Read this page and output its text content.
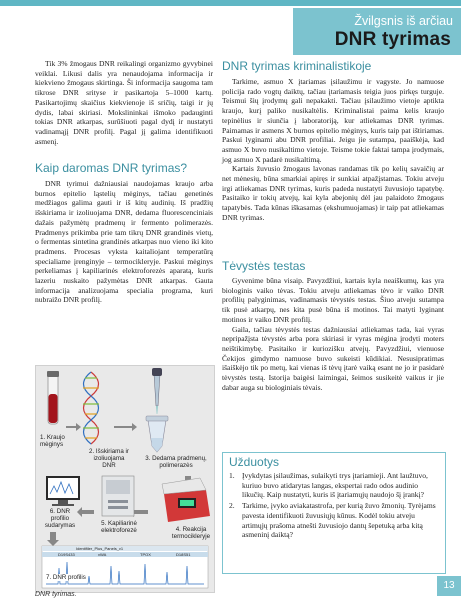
Žvilgsnis iš arčiau
DNR tyrimas

Tik 3% žmogaus DNR reikalingi organizmo gyvybinei veiklai. Likusi dalis yra nenaudojama informacija ir kiekvieno žmogaus skirtinga. Ši informacija saugoma tam tikrose DNR srityse ir pasikartoja 5–1000 kartų. Pasikartojimų skaičius kiekvienoje iš sričių, taigi ir jų dydis, labai skiriasi. Mokslininkai išmoko padauginti tokias DNR atkarpas, surūšiuoti pagal dydį ir nustatyti vadinamąjį DNR profilį. Pagal jį galima identifikuoti asmenį.

Kaip daromas DNR tyrimas?

DNR tyrimui dažniausiai naudojamas kraujo arba burnos epitelio ląstelių mėginys, tačiau genetinės medžiagos galima gauti ir iš kitų audinių. Iš pradžių išskiriama ir izoliuojama DNR, dedama fluorescenciniais dažais pažymėtų pradmenų ir fermento polimerazės. Pradmenys prikimba prie tam tikrų DNR grandinės vietų, o fermentas sintetina grandinės atkarpas nuo vieno iki kito pradmens. Procesas vyksta kaitaliojant temperatūrą specialiame įrenginyje – termocikleryje. Paskui mėginys perkeliamas į kapiliarinės elektroforezės aparatą, kuris lazeriu nuskaito pažymėtas DNR atkarpas. Gauta informacija analizuojama specialia programa, kuri nubraižo DNR profilį.

1. Kraujo mėginys
2. Išskiriama ir izoliuojama DNR
3. Dedama pradmenų, polimerazės
4. Reakcija termocikleryje
5. Kapiliarinė elektroforezė
6. DNR profilio sudarymas
7. DNR profilis
Identifiler_Plus_Panels_v1
D19S433	vWA	TPOX	D18S51
DNR tyrimas.
DNR tyrimas kriminalistikoje

Tarkime, asmuo X įtariamas įsilaužimu ir vagyste. Jo namuose policija rado vogtų daiktų, tačiau įtariamasis teigia juos pirkęs turguje. Teismui šių įrodymų gali nepakakti. Tačiau įsilaužimo vietoje aptikta kraujo, kurį paliko nusikaltėlis. Kriminalistai paima kelis kraujo tepinėlius ir siunčia į laboratoriją, kur atliekamas DNR tyrimas. Paimamas ir asmens X burnos epitelio mėginys, kuris taip pat ištiriamas. Paskui lyginami abu DNR profiliai. Jeigu jie sutampa, paaiškėja, kad asmuo X buvo nusikaltimo vietoje. Teisme tokie faktai tampa įrodymais, jog asmuo X padarė nusikaltimą.

Kartais žuvusio žmogaus lavonas randamas tik po kelių savaičių ar net mėnesių, būna smarkiai apiręs ir sunkiai atpažįstamas. Tokiu atveju irgi atliekamas DNR tyrimas, kuris padeda nustatyti žuvusiojo tapatybę. Pasitaiko ir tokių atvejų, kai kyla abejonių dėl jau palaidoto žmogaus tapatybės. Tada kūnas iškasamas (ekshumuojamas) ir taip pat atliekamas DNR tyrimas.

Tėvystės testas

Gyvenime būna visaip. Pavyzdžiui, kartais kyla neaiškumų, kas yra biologinis vaiko tėvas. Tokiu atveju atliekamas tėvo ir vaiko DNR profilių palyginimas, vadinamasis tėvystės testas. Šiuo atveju sutampa tik pusė atkarpų, nes kita pusė būna iš motinos. Tai matyti lyginant motinos ir vaiko DNR profilį.

Gaila, tačiau tėvystės testas dažniausiai atliekamas tada, kai vyras nepripažįsta tėvystės arba pora skiriasi ir vyras mėgina įrodyti moters neištikimybę. Pasitaiko ir kuriozišku atvejų. Pavyzdžiui, vienuose Čekijos gimdymo namuose buvo sukeisti kūdikiai. Nesusipratimas išaiškėjo tik po metų, kai vienas iš tėvų įtarė vaiką esant ne jo ir pasidarė tėvystės testą. Istorija baigėsi laimingai, šeimos susikeitė vaikus ir jie dabar auga su biologiniais tėvais.

Užduotys
1. Įvykdytas įsilaužimas, sulaikyti trys įtariamieji. Ant laužtuvo, kuriuo buvo atidarytas langas, ekspertai rado odos audinio likučių. Kaip nustatyti, kuris iš įtariamųjų naudojo šį įrankį?
2. Tarkime, įvyko aviakatastrofa, per kurią žuvo žmonių. Tyrėjams pavesta identifikuoti žuvusiųjų kūnus. Kodėl tokiu atveju artimųjų prašoma atnešti žuvusiojo dantų šepetuką arba kitą asmeninį daiktą?
13
